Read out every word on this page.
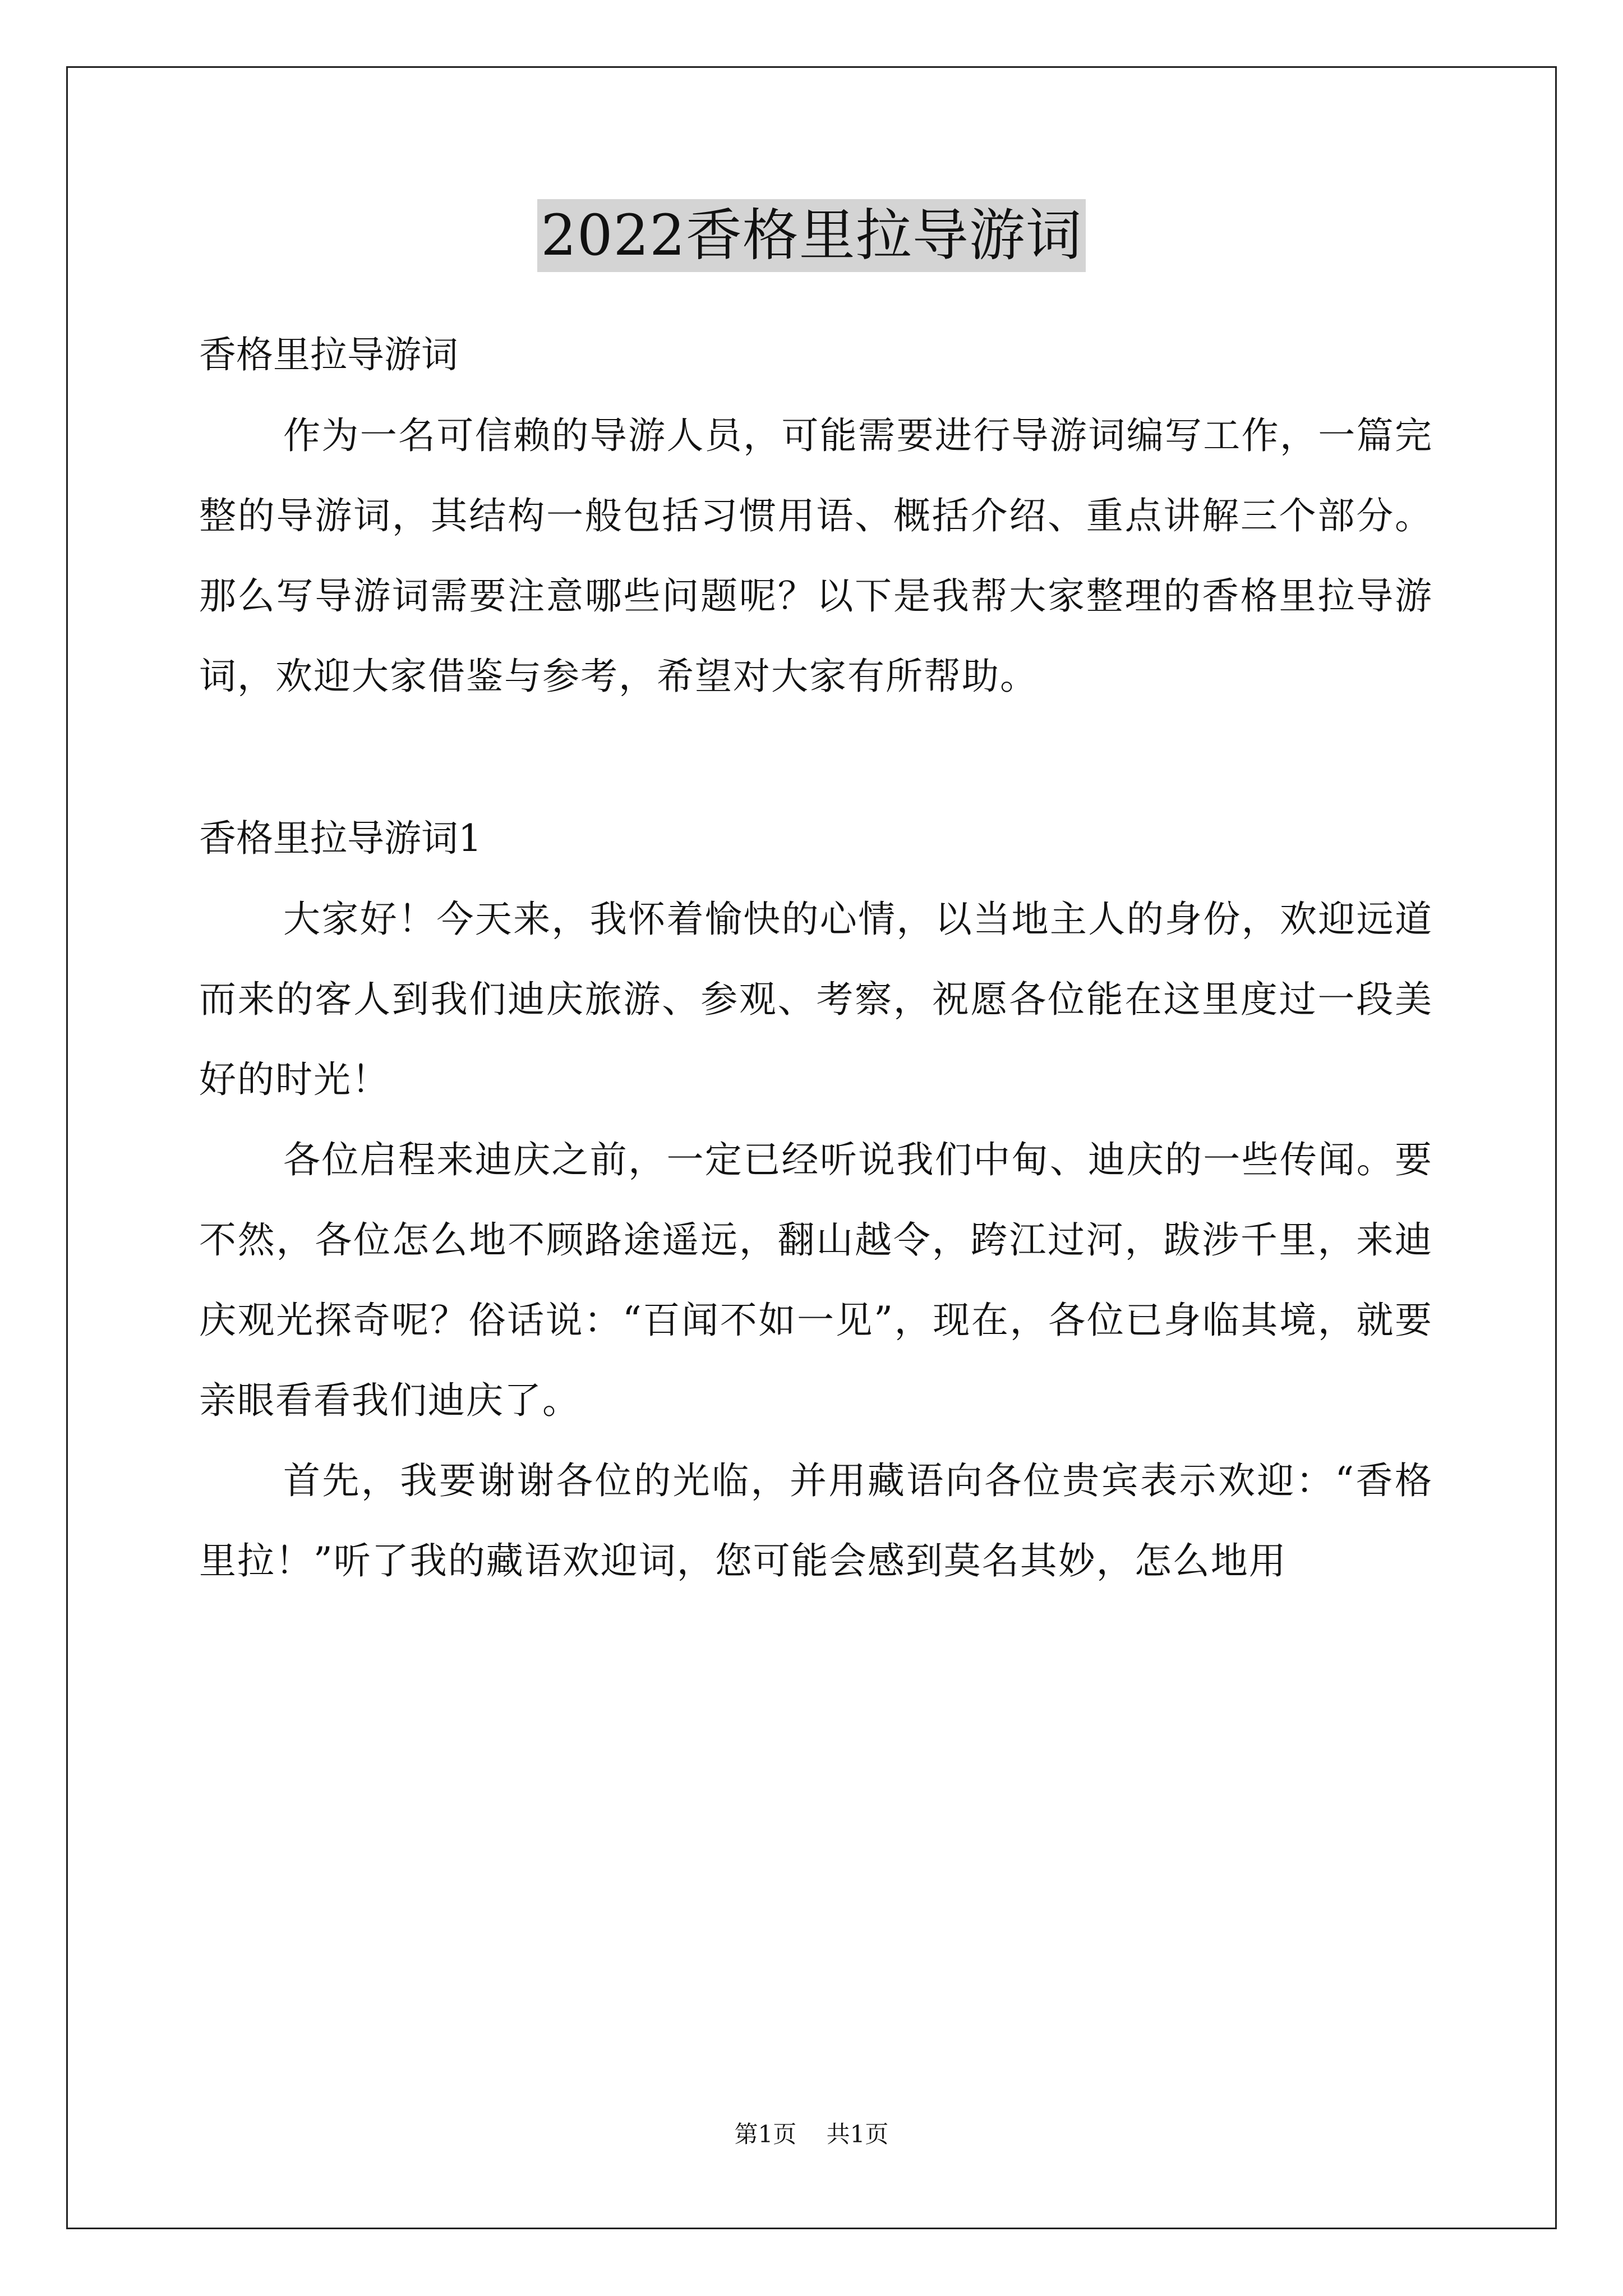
2022香格里拉导游词

香格里拉导游词

作为一名可信赖的导游人员，可能需要进行导游词编写工作，一篇完整的导游词，其结构一般包括习惯用语、概括介绍、重点讲解三个部分。那么写导游词需要注意哪些问题呢？以下是我帮大家整理的香格里拉导游词，欢迎大家借鉴与参考，希望对大家有所帮助。

香格里拉导游词1

大家好！今天来，我怀着愉快的心情，以当地主人的身份，欢迎远道而来的客人到我们迪庆旅游、参观、考察，祝愿各位能在这里度过一段美好的时光！

各位启程来迪庆之前，一定已经听说我们中甸、迪庆的一些传闻。要不然，各位怎么地不顾路途遥远，翻山越令，跨江过河，跋涉千里，来迪庆观光探奇呢？俗话说：“百闻不如一见”，现在，各位已身临其境，就要亲眼看看我们迪庆了。

首先，我要谢谢各位的光临，并用藏语向各位贵宾表示欢迎：“香格里拉！”听了我的藏语欢迎词，您可能会感到莫名其妙，怎么地用

第1页 共1页
